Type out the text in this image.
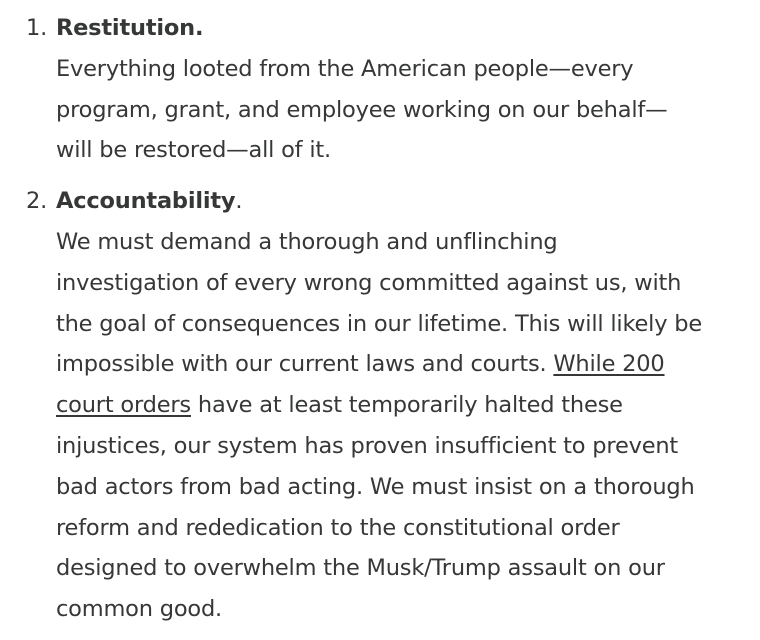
1. Restitution.
Everything looted from the American people—every
program, grant, and employee working on our behalf—
will be restored—all of it.
2. Accountability.
We must demand a thorough and unflinching
investigation of every wrong committed against us, with
the goal of consequences in our lifetime. This will likely be
impossible with our current laws and courts. While 200
court orders have at least temporarily halted these
injustices, our system has proven insufficient to prevent
bad actors from bad acting. We must insist on a thorough
reform and rededication to the constitutional order
designed to overwhelm the Musk/Trump assault on our
common good.
